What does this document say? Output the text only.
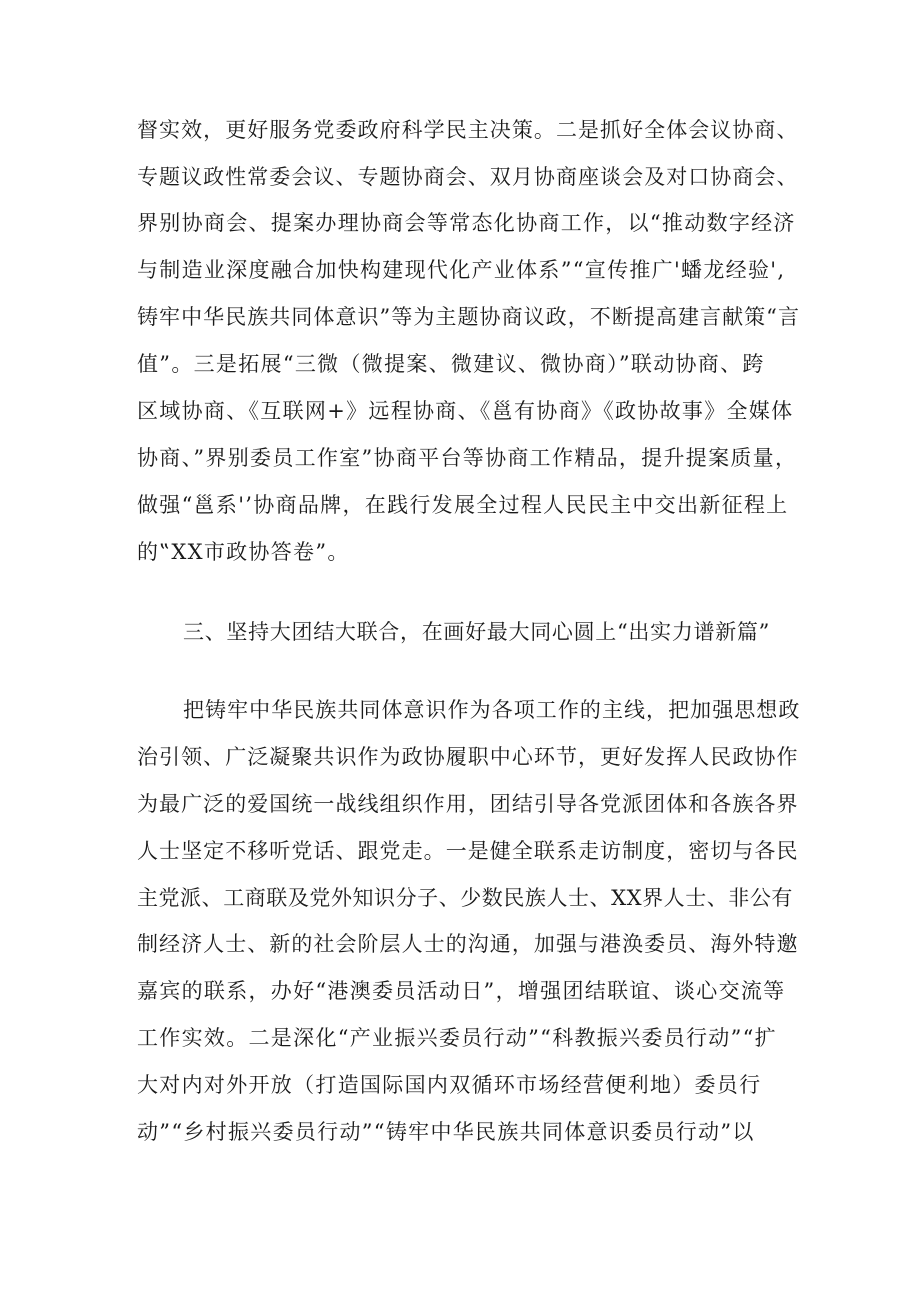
督实效，更好服务党委政府科学民主决策。二是抓好全体会议协商、
专题议政性常委会议、专题协商会、双月协商座谈会及对口协商会、
界别协商会、提案办理协商会等常态化协商工作，以“推动数字经济
与制造业深度融合加快构建现代化产业体系”“宣传推广'蟠龙经验',
铸牢中华民族共同体意识”等为主题协商议政，不断提高建言献策“言
值”。三是拓展“三微（微提案、微建议、微协商）”联动协商、跨
区域协商、《互联网+》远程协商、《邕有协商》《政协故事》全媒体
协商、”界别委员工作室”协商平台等协商工作精品，提升提案质量，
做强“邕系'’协商品牌，在践行发展全过程人民民主中交出新征程上
的‟XX市政协答卷”。
三、坚持大团结大联合，在画好最大同心圆上“出实力谱新篇”
把铸牢中华民族共同体意识作为各项工作的主线，把加强思想政
治引领、广泛凝聚共识作为政协履职中心环节，更好发挥人民政协作
为最广泛的爱国统一战线组织作用，团结引导各党派团体和各族各界
人士坚定不移听党话、跟党走。一是健全联系走访制度，密切与各民
主党派、工商联及党外知识分子、少数民族人士、XX界人士、非公有
制经济人士、新的社会阶层人士的沟通，加强与港涣委员、海外特邀
嘉宾的联系，办好“港澳委员活动日”，增强团结联谊、谈心交流等
工作实效。二是深化“产业振兴委员行动”“科教振兴委员行动”“扩
大对内对外开放（打造国际国内双循环市场经营便利地）委员行
动”“乡村振兴委员行动”“铸牢中华民族共同体意识委员行动”以
